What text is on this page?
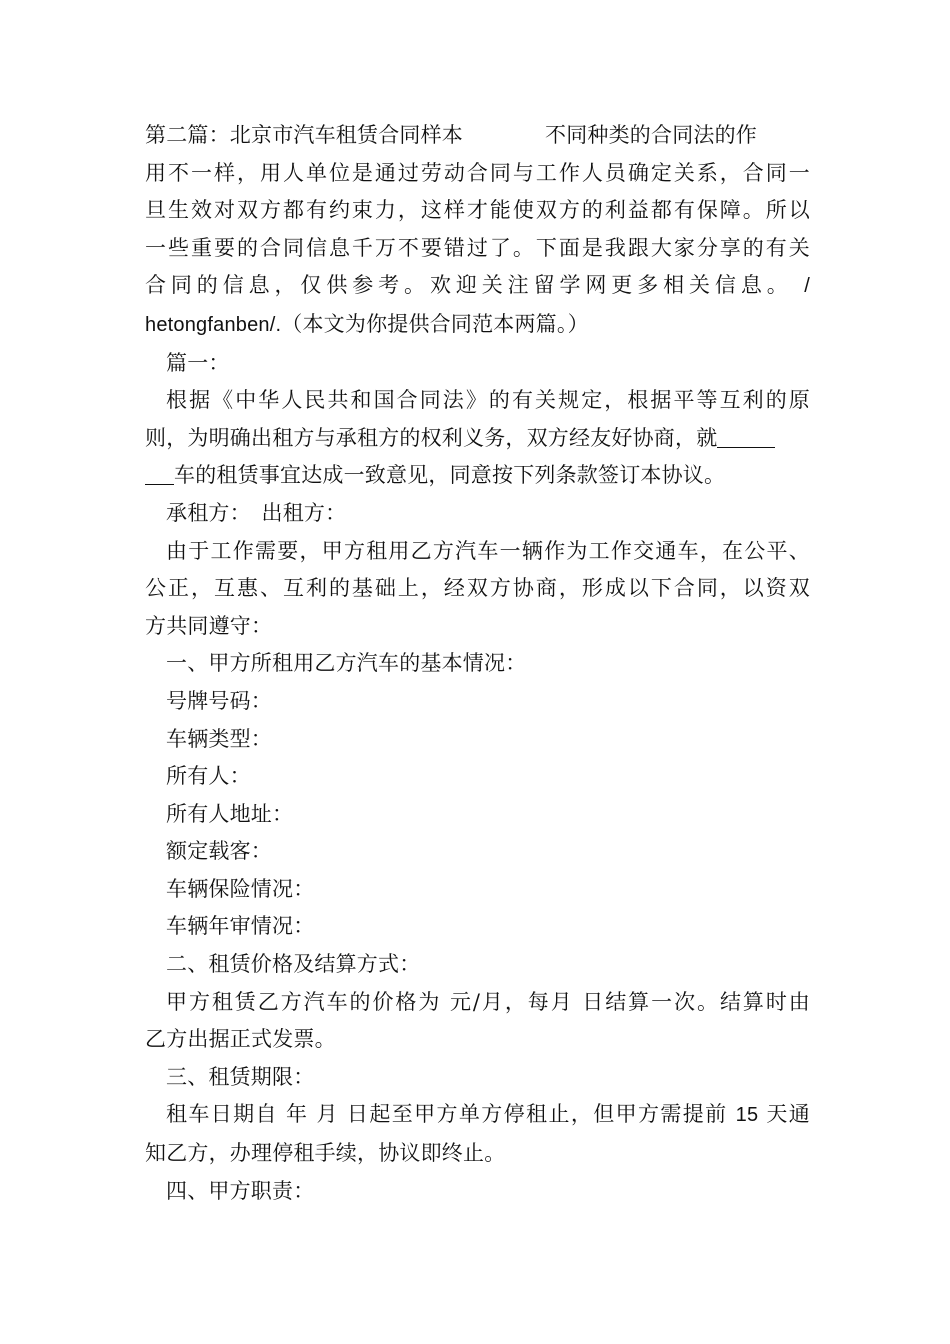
第二篇：北京市汽车租赁合同样本	不同种类的合同法的作

用不一样，用人单位是通过劳动合同与工作人员确定关系，合同一

旦生效对双方都有约束力，这样才能使双方的利益都有保障。所以

一些重要的合同信息千万不要错过了。下面是我跟大家分享的有关

合同的信息，仅供参考。欢迎关注留学网更多相关信息。 /

hetongfanben/.（本文为你提供合同范本两篇。）

篇一：

根据《中华人民共和国合同法》的有关规定，根据平等互利的原

则，为明确出租方与承租方的权利义务，双方经友好协商，就

车的租赁事宜达成一致意见，同意按下列条款签订本协议。

承租方：　出租方：

由于工作需要，甲方租用乙方汽车一辆作为工作交通车，在公平、

公正，互惠、互利的基础上，经双方协商，形成以下合同，以资双

方共同遵守：

一、甲方所租用乙方汽车的基本情况：

号牌号码：

车辆类型：

所有人：

所有人地址：

额定载客：

车辆保险情况：

车辆年审情况：

二、租赁价格及结算方式：

甲方租赁乙方汽车的价格为 元/月，每月 日结算一次。结算时由

乙方出据正式发票。

三、租赁期限：

租车日期自 年 月 日起至甲方单方停租止，但甲方需提前 15 天通

知乙方，办理停租手续，协议即终止。

四、甲方职责：
